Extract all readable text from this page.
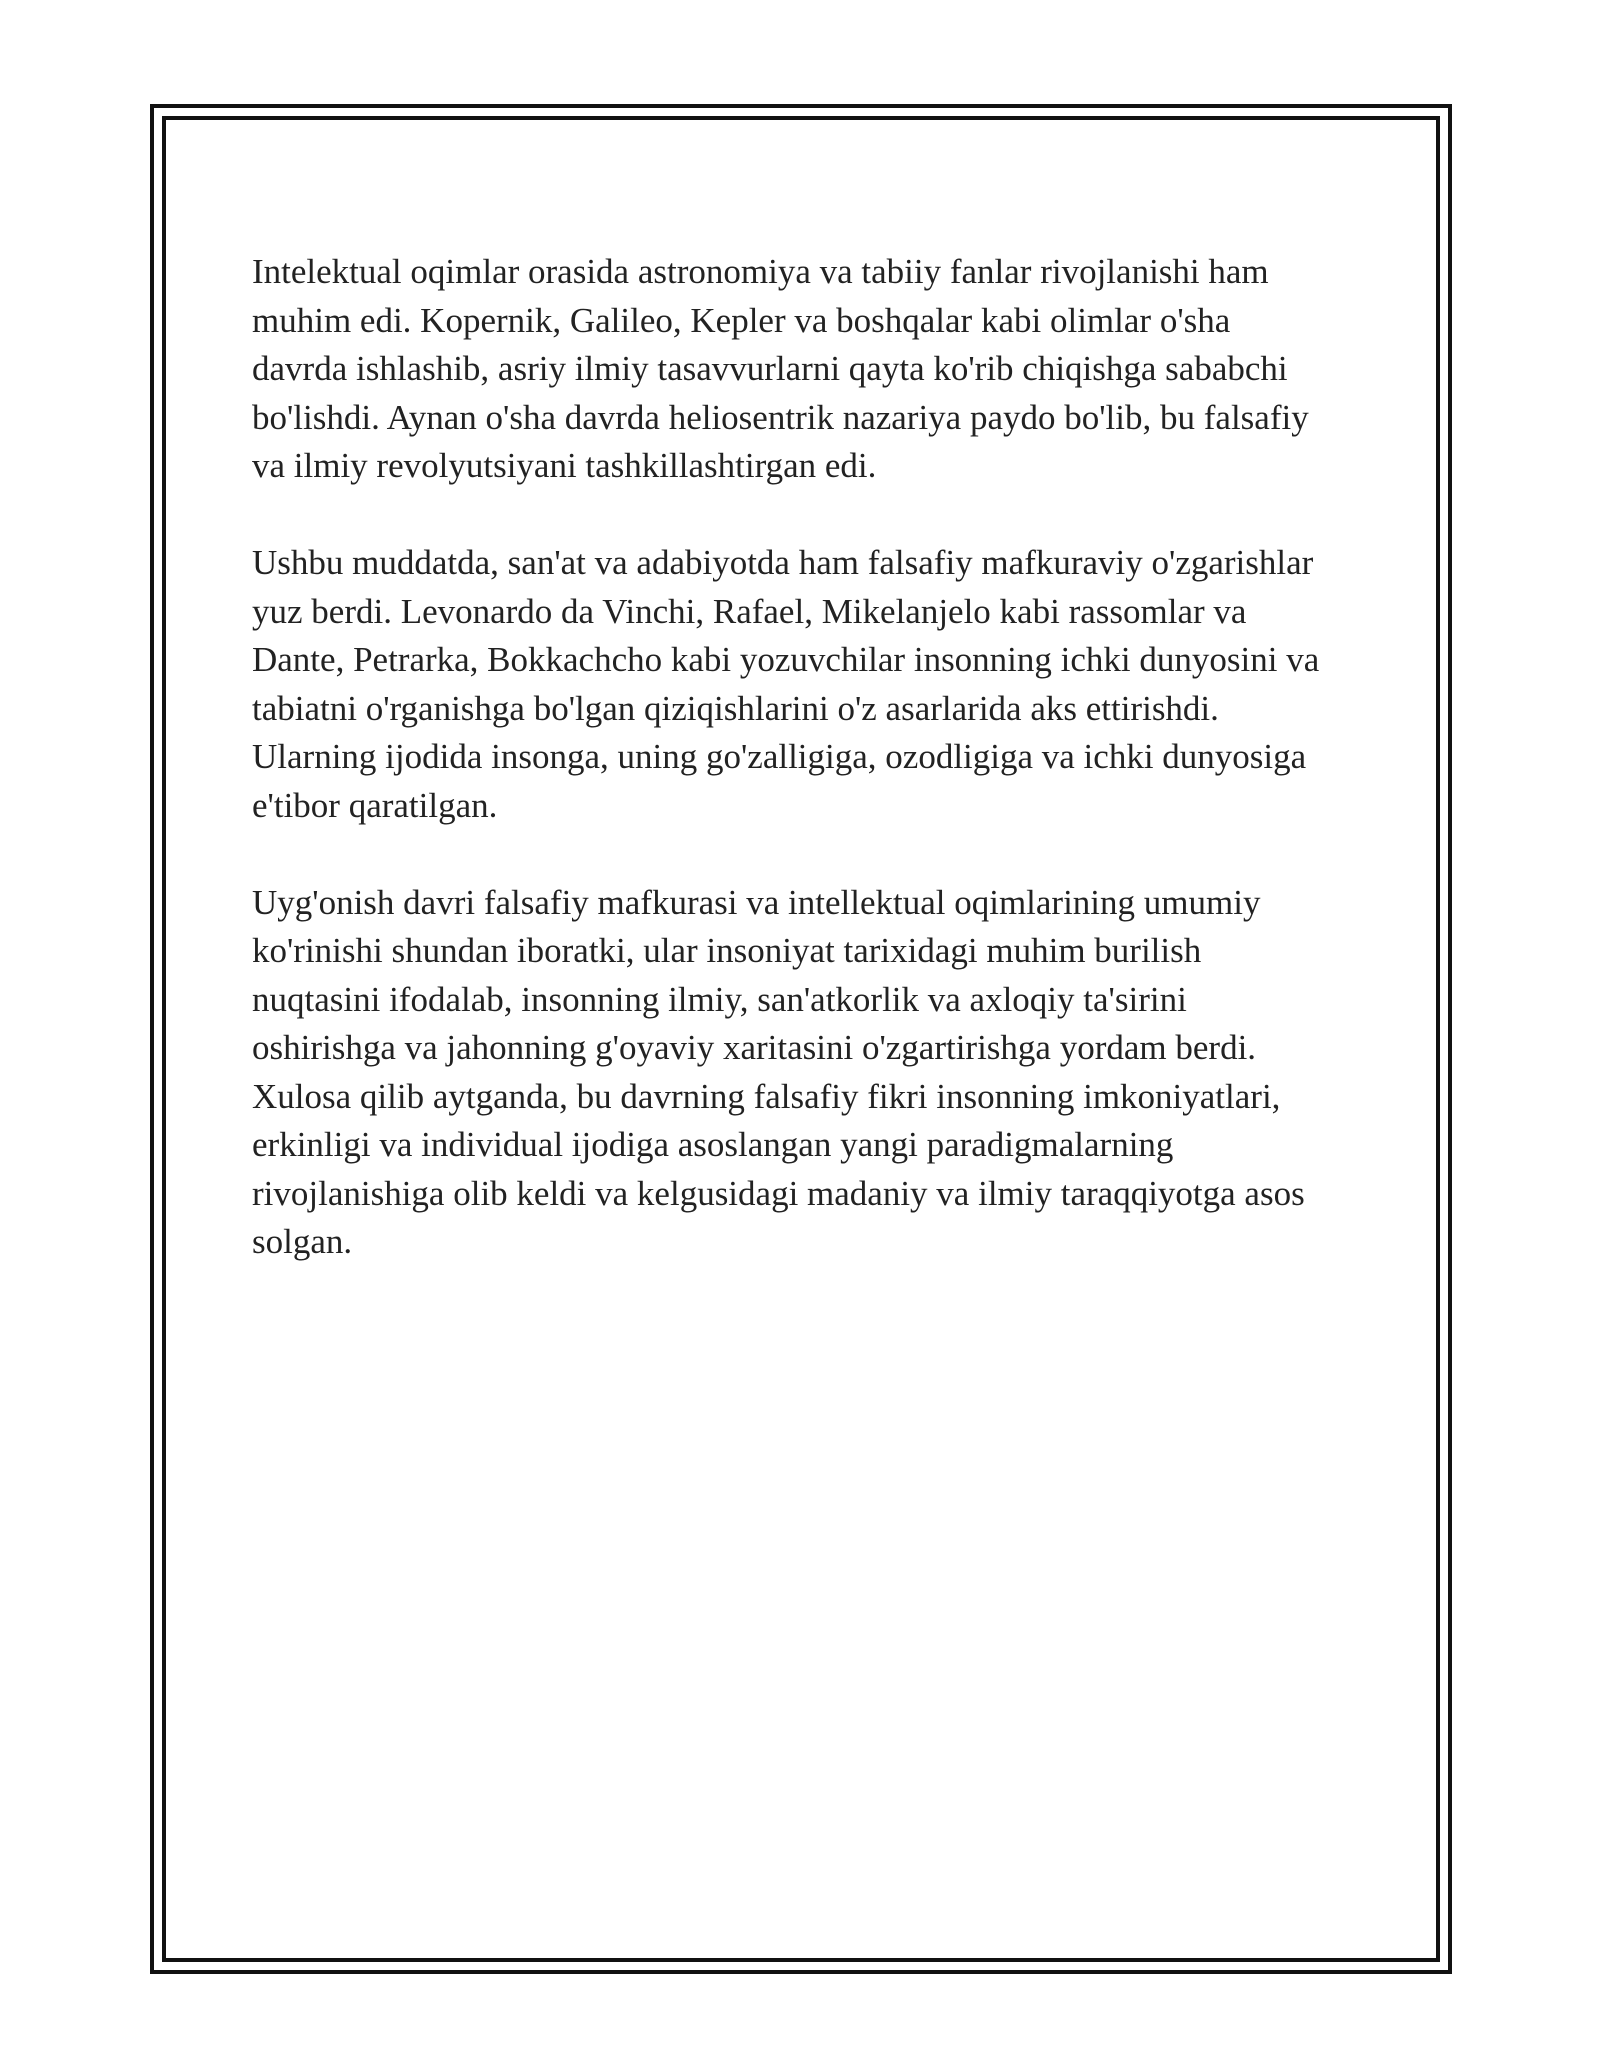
Intelektual oqimlar orasida astronomiya va tabiiy fanlar rivojlanishi ham
muhim edi. Kopernik, Galileo, Kepler va boshqalar kabi olimlar o'sha
davrda ishlashib, asriy ilmiy tasavvurlarni qayta ko'rib chiqishga sababchi
bo'lishdi. Aynan o'sha davrda heliosentrik nazariya paydo bo'lib, bu falsafiy
va ilmiy revolyutsiyani tashkillashtirgan edi.

Ushbu muddatda, san'at va adabiyotda ham falsafiy mafkuraviy o'zgarishlar
yuz berdi. Levonardo da Vinchi, Rafael, Mikelanjelo kabi rassomlar va
Dante, Petrarka, Bokkachcho kabi yozuvchilar insonning ichki dunyosini va
tabiatni o'rganishga bo'lgan qiziqishlarini o'z asarlarida aks ettirishdi.
Ularning ijodida insonga, uning go'zalligiga, ozodligiga va ichki dunyosiga
e'tibor qaratilgan.

Uyg'onish davri falsafiy mafkurasi va intellektual oqimlarining umumiy
ko'rinishi shundan iboratki, ular insoniyat tarixidagi muhim burilish
nuqtasini ifodalab, insonning ilmiy, san'atkorlik va axloqiy ta'sirini
oshirishga va jahonning g'oyaviy xaritasini o'zgartirishga yordam berdi.
Xulosa qilib aytganda, bu davrning falsafiy fikri insonning imkoniyatlari,
erkinligi va individual ijodiga asoslangan yangi paradigmalarning
rivojlanishiga olib keldi va kelgusidagi madaniy va ilmiy taraqqiyotga asos
solgan.
